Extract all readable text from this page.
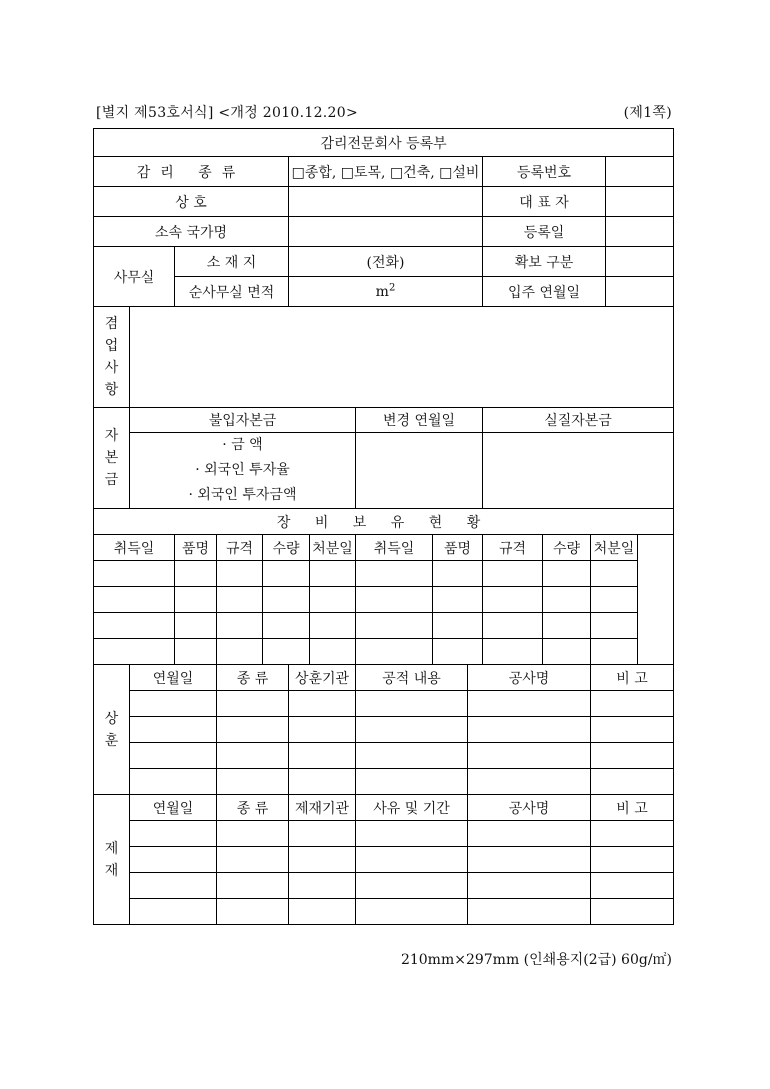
[별지 제53호서식] <개정 2010.12.20>	(제1쪽)
감리전문회사 등록부													
감리 종류					□종합, □토목, □건축, □설비					등록번호			
상 호										대 표 자			
소속 국가명										등록일			
사무실		소 재 지			(전화)					확보 구분			
		순사무실 면적			$m^2$					입주 연월일			

겸
업
사
항													

자
본
금	불입자본금						변경 연월일			실질자본금			

	· 금 액
· 외국인 투자율
· 외국인 투자금액												

장 비 보 유 현 황													
취득일		품명	규격	수량		처분일	취득일	품명		규격	수량	처분일	

상
훈	연월일		종 류		상훈기관		공적 내용		공사명			비 고	

제
재	연월일		종 류		제재기관		사유 및 기간		공사명			비 고	

210mm×297mm (인쇄용지(2급) 60g/㎡)
